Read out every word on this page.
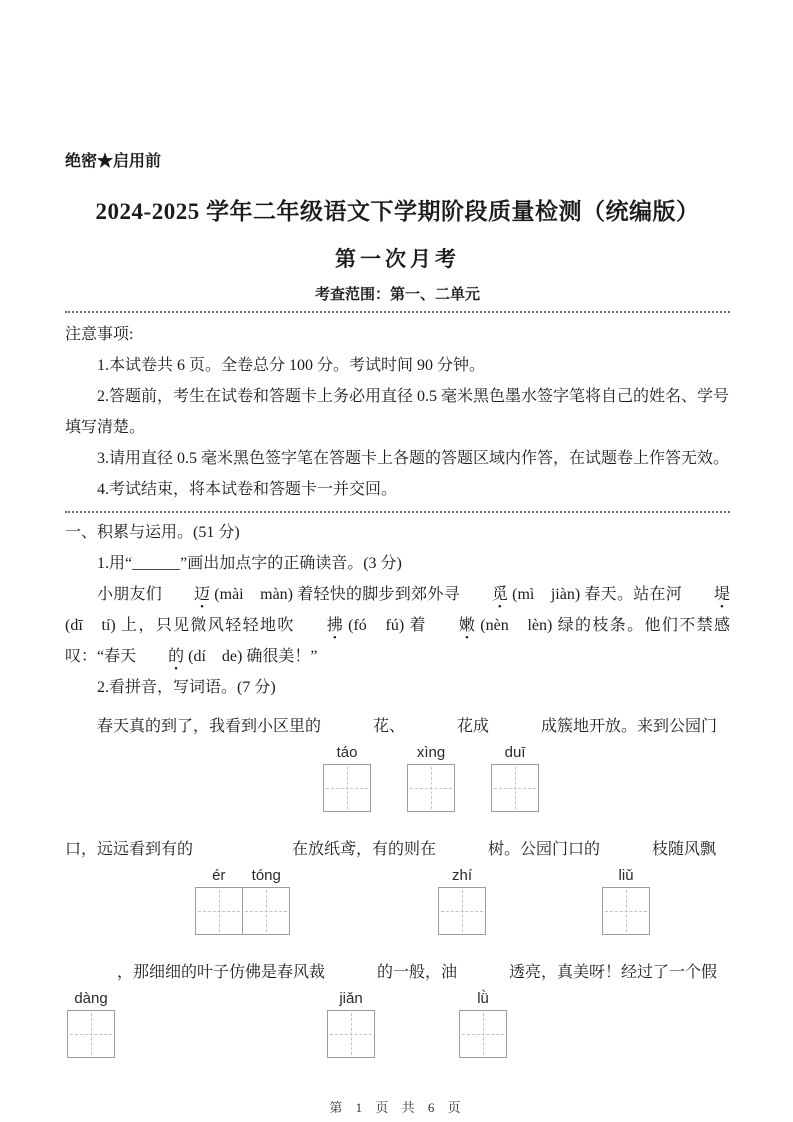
绝密★启用前
2024-2025 学年二年级语文下学期阶段质量检测（统编版）
第一次月考
考查范围：第一、二单元
注意事项:

1.本试卷共 6 页。全卷总分 100 分。考试时间 90 分钟。

2.答题前，考生在试卷和答题卡上务必用直径 0.5 毫米黑色墨水签字笔将自己的姓名、学号填写清楚。

3.请用直径 0.5 毫米黑色签字笔在答题卡上各题的答题区域内作答，在试题卷上作答无效。

4.考试结束，将本试卷和答题卡一并交回。

一、积累与运用。(51 分)

1.用“______”画出加点字的正确读音。(3 分)

小朋友们 迈 (mài　màn) 着轻快的脚步到郊外寻 觅 (mì　jiàn) 春天。站在河 堤 (dī　tí) 上，只见微风轻轻地吹 拂 (fó　fú) 着 嫩 (nèn　lèn) 绿的枝条。他们不禁感叹：“春天 的 (dí　de) 确很美！”

2.看拼音，写词语。(7 分)

春天真的到了，我看到小区里的
táo
花、
xìng
花成
duī
成簇地开放。来到公园门
口，远远看到有的
ér	tóng
在放纸鸢，有的则在
zhí
树。公园门口的
liǔ
枝随风飘
dàng
，那细细的叶子仿佛是春风裁
jiǎn
的一般，油
lǜ
透亮，真美呀！经过了一个假
第 1 页 共 6 页
